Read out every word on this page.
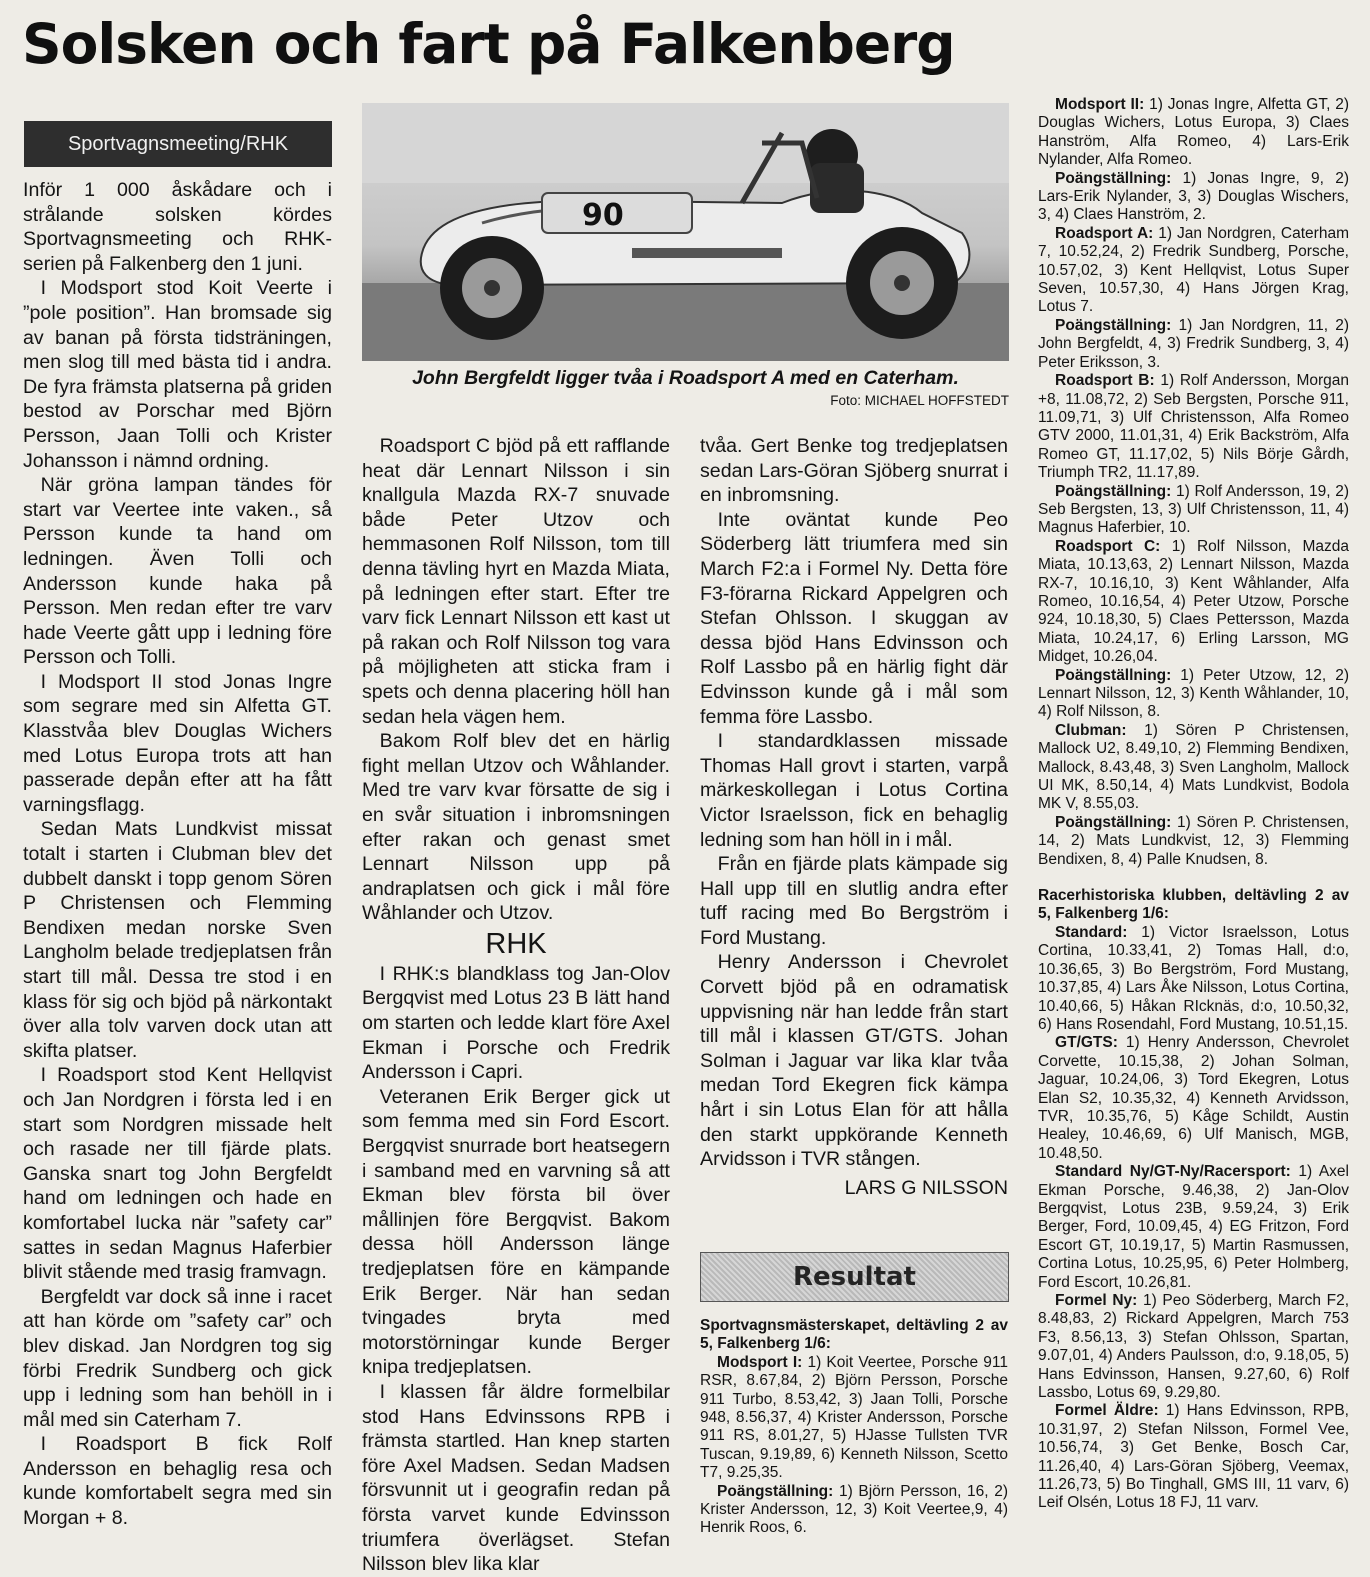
Solsken och fart på Falkenberg
Sportvagnsmeeting/RHK

Inför 1 000 åskådare och i strålande solsken kördes Sportvagnsmeeting och RHK-serien på Falkenberg den 1 juni.

I Modsport stod Koit Veerte i ”pole position”. Han bromsade sig av banan på första tidsträningen, men slog till med bästa tid i andra. De fyra främsta platserna på griden bestod av Porschar med Björn Persson, Jaan Tolli och Krister Johansson i nämnd ordning.

När gröna lampan tändes för start var Veertee inte vaken., så Persson kunde ta hand om ledningen. Även Tolli och Andersson kunde haka på Persson. Men redan efter tre varv hade Veerte gått upp i ledning före Persson och Tolli.

I Modsport II stod Jonas Ingre som segrare med sin Alfetta GT. Klasstvåa blev Douglas Wichers med Lotus Europa trots att han passerade depån efter att ha fått varningsflagg.

Sedan Mats Lundkvist missat totalt i starten i Clubman blev det dubbelt danskt i topp genom Sören P Christensen och Flemming Bendixen medan norske Sven Langholm belade tredjeplatsen från start till mål. Dessa tre stod i en klass för sig och bjöd på närkontakt över alla tolv varven dock utan att skifta platser.

I Roadsport stod Kent Hellqvist och Jan Nordgren i första led i en start som Nordgren missade helt och rasade ner till fjärde plats. Ganska snart tog John Bergfeldt hand om ledningen och hade en komfortabel lucka när ”safety car” sattes in sedan Magnus Haferbier blivit stående med trasig framvagn.

Bergfeldt var dock så inne i racet att han körde om ”safety car” och blev diskad. Jan Nordgren tog sig förbi Fredrik Sundberg och gick upp i ledning som han behöll in i mål med sin Caterham 7.

I Roadsport B fick Rolf Andersson en behaglig resa och kunde komfortabelt segra med sin Morgan + 8.

90
John Bergfeldt ligger tvåa i Roadsport A med en Caterham.
Foto: MICHAEL HOFFSTEDT

Roadsport C bjöd på ett rafflande heat där Lennart Nilsson i sin knallgula Mazda RX-7 snuvade både Peter Utzov och hemmasonen Rolf Nilsson, tom till denna tävling hyrt en Mazda Miata, på ledningen efter start. Efter tre varv fick Lennart Nilsson ett kast ut på rakan och Rolf Nilsson tog vara på möjligheten att sticka fram i spets och denna placering höll han sedan hela vägen hem.

Bakom Rolf blev det en härlig fight mellan Utzov och Wåhlander. Med tre varv kvar försatte de sig i en svår situation i inbromsningen efter rakan och genast smet Lennart Nilsson upp på andraplatsen och gick i mål före Wåhlander och Utzov.

RHK

I RHK:s blandklass tog Jan-Olov Bergqvist med Lotus 23 B lätt hand om starten och ledde klart före Axel Ekman i Porsche och Fredrik Andersson i Capri.

Veteranen Erik Berger gick ut som femma med sin Ford Escort. Bergqvist snurrade bort heatsegern i samband med en varvning så att Ekman blev första bil över mållinjen före Bergqvist. Bakom dessa höll Andersson länge tredjeplatsen före en kämpande Erik Berger. När han sedan tvingades bryta med motorstörningar kunde Berger knipa tredjeplatsen.

I klassen får äldre formelbilar stod Hans Edvinssons RPB i främsta startled. Han knep starten före Axel Madsen. Sedan Madsen försvunnit ut i geografin redan på första varvet kunde Edvinsson triumfera överlägset. Stefan Nilsson blev lika klar

tvåa. Gert Benke tog tredjeplatsen sedan Lars-Göran Sjöberg snurrat i en inbromsning.

Inte oväntat kunde Peo Söderberg lätt triumfera med sin March F2:a i Formel Ny. Detta före F3-förarna Rickard Appelgren och Stefan Ohlsson. I skuggan av dessa bjöd Hans Edvinsson och Rolf Lassbo på en härlig fight där Edvinsson kunde gå i mål som femma före Lassbo.

I standardklassen missade Thomas Hall grovt i starten, varpå märkeskollegan i Lotus Cortina Victor Israelsson, fick en behaglig ledning som han höll in i mål.

Från en fjärde plats kämpade sig Hall upp till en slutlig andra efter tuff racing med Bo Bergström i Ford Mustang.

Henry Andersson i Chevrolet Corvett bjöd på en odramatisk uppvisning när han ledde från start till mål i klassen GT/GTS. Johan Solman i Jaguar var lika klar tvåa medan Tord Ekegren fick kämpa hårt i sin Lotus Elan för att hålla den starkt uppkörande Kenneth Arvidsson i TVR stången.

LARS G NILSSON

Resultat

Sportvagnsmästerskapet, deltävling 2 av 5, Falkenberg 1/6:

Modsport I: 1) Koit Veertee, Porsche 911 RSR, 8.67,84, 2) Björn Persson, Porsche 911 Turbo, 8.53,42, 3) Jaan Tolli, Porsche 948, 8.56,37, 4) Krister Andersson, Porsche 911 RS, 8.01,27, 5) HJasse Tullsten TVR Tuscan, 9.19,89, 6) Kenneth Nilsson, Scetto T7, 9.25,35.

Poängställning: 1) Björn Persson, 16, 2) Krister Andersson, 12, 3) Koit Veertee,9, 4) Henrik Roos, 6.

Modsport II: 1) Jonas Ingre, Alfetta GT, 2) Douglas Wichers, Lotus Europa, 3) Claes Hanström, Alfa Romeo, 4) Lars-Erik Nylander, Alfa Romeo.

Poängställning: 1) Jonas Ingre, 9, 2) Lars-Erik Nylander, 3, 3) Douglas Wischers, 3, 4) Claes Hanström, 2.

Roadsport A: 1) Jan Nordgren, Caterham 7, 10.52,24, 2) Fredrik Sundberg, Porsche, 10.57,02, 3) Kent Hellqvist, Lotus Super Seven, 10.57,30, 4) Hans Jörgen Krag, Lotus 7.

Poängställning: 1) Jan Nordgren, 11, 2) John Bergfeldt, 4, 3) Fredrik Sundberg, 3, 4) Peter Eriksson, 3.

Roadsport B: 1) Rolf Andersson, Morgan +8, 11.08,72, 2) Seb Bergsten, Porsche 911, 11.09,71, 3) Ulf Christensson, Alfa Romeo GTV 2000, 11.01,31, 4) Erik Backström, Alfa Romeo GT, 11.17,02, 5) Nils Börje Gårdh, Triumph TR2, 11.17,89.

Poängställning: 1) Rolf Andersson, 19, 2) Seb Bergsten, 13, 3) Ulf Christensson, 11, 4) Magnus Haferbier, 10.

Roadsport C: 1) Rolf Nilsson, Mazda Miata, 10.13,63, 2) Lennart Nilsson, Mazda RX-7, 10.16,10, 3) Kent Wåhlander, Alfa Romeo, 10.16,54, 4) Peter Utzow, Porsche 924, 10.18,30, 5) Claes Pettersson, Mazda Miata, 10.24,17, 6) Erling Larsson, MG Midget, 10.26,04.

Poängställning: 1) Peter Utzow, 12, 2) Lennart Nilsson, 12, 3) Kenth Wåhlander, 10, 4) Rolf Nilsson, 8.

Clubman: 1) Sören P Christensen, Mallock U2, 8.49,10, 2) Flemming Bendixen, Mallock, 8.43,48, 3) Sven Langholm, Mallock UI MK, 8.50,14, 4) Mats Lundkvist, Bodola MK V, 8.55,03.

Poängställning: 1) Sören P. Christensen, 14, 2) Mats Lundkvist, 12, 3) Flemming Bendixen, 8, 4) Palle Knudsen, 8.

Racerhistoriska klubben, deltävling 2 av 5, Falkenberg 1/6:

Standard: 1) Victor Israelsson, Lotus Cortina, 10.33,41, 2) Tomas Hall, d:o, 10.36,65, 3) Bo Bergström, Ford Mustang, 10.37,85, 4) Lars Åke Nilsson, Lotus Cortina, 10.40,66, 5) Håkan RIcknäs, d:o, 10.50,32, 6) Hans Rosendahl, Ford Mustang, 10.51,15.

GT/GTS: 1) Henry Andersson, Chevrolet Corvette, 10.15,38, 2) Johan Solman, Jaguar, 10.24,06, 3) Tord Ekegren, Lotus Elan S2, 10.35,32, 4) Kenneth Arvidsson, TVR, 10.35,76, 5) Kåge Schildt, Austin Healey, 10.46,69, 6) Ulf Manisch, MGB, 10.48,50.

Standard Ny/GT-Ny/Racersport: 1) Axel Ekman Porsche, 9.46,38, 2) Jan-Olov Bergqvist, Lotus 23B, 9.59,24, 3) Erik Berger, Ford, 10.09,45, 4) EG Fritzon, Ford Escort GT, 10.19,17, 5) Martin Rasmussen, Cortina Lotus, 10.25,95, 6) Peter Holmberg, Ford Escort, 10.26,81.

Formel Ny: 1) Peo Söderberg, March F2, 8.48,83, 2) Rickard Appelgren, March 753 F3, 8.56,13, 3) Stefan Ohlsson, Spartan, 9.07,01, 4) Anders Paulsson, d:o, 9.18,05, 5) Hans Edvinsson, Hansen, 9.27,60, 6) Rolf Lassbo, Lotus 69, 9.29,80.

Formel Äldre: 1) Hans Edvinsson, RPB, 10.31,97, 2) Stefan Nilsson, Formel Vee, 10.56,74, 3) Get Benke, Bosch Car, 11.26,40, 4) Lars-Göran Sjöberg, Veemax, 11.26,73, 5) Bo Tinghall, GMS III, 11 varv, 6) Leif Olsén, Lotus 18 FJ, 11 varv.
